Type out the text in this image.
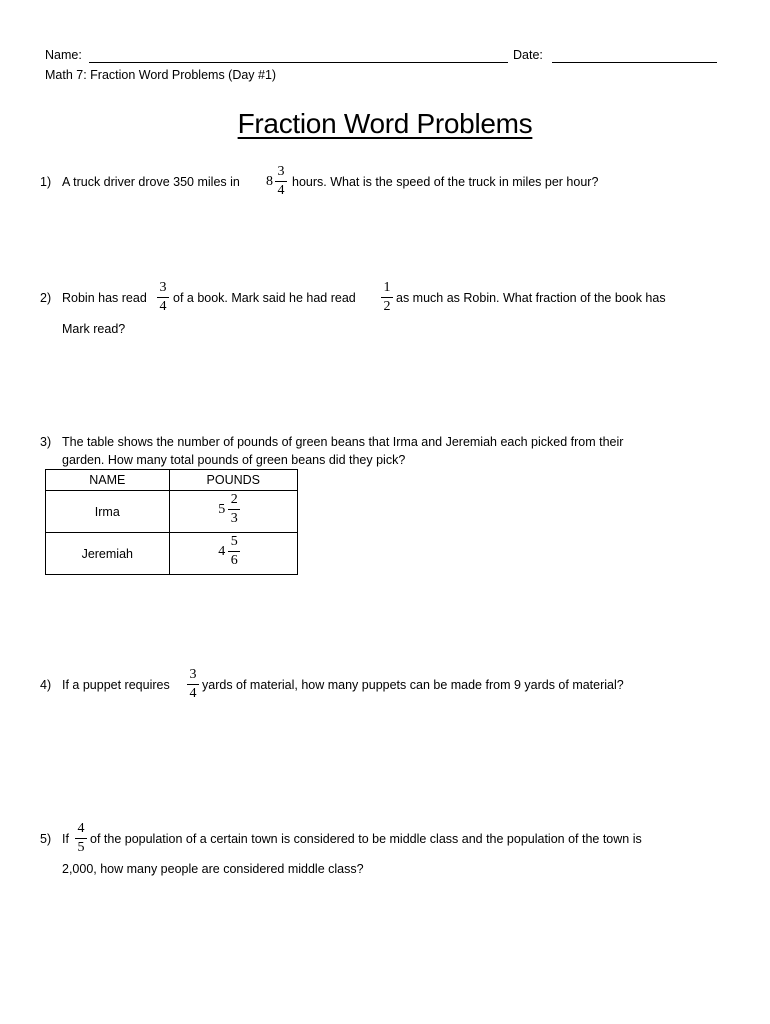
Name:	Date:
Math 7: Fraction Word Problems (Day #1)
Fraction Word Problems
1) A truck driver drove 350 miles in 8
3
4
hours. What is the speed of the truck in miles per hour?
2) Robin has read
3
4
of a book. Mark said he had read
1
2
as much as Robin. What fraction of the book has
Mark read?
3) The table shows the number of pounds of green beans that Irma and Jeremiah each picked from their
garden. How many total pounds of green beans did they pick?
NAME	POUNDS
Irma	5
2
3

Jeremiah	4
5
6
4) If a puppet requires
3
4
yards of material, how many puppets can be made from 9 yards of material?
5) If
4
5
of the population of a certain town is considered to be middle class and the population of the town is
2,000, how many people are considered middle class?
